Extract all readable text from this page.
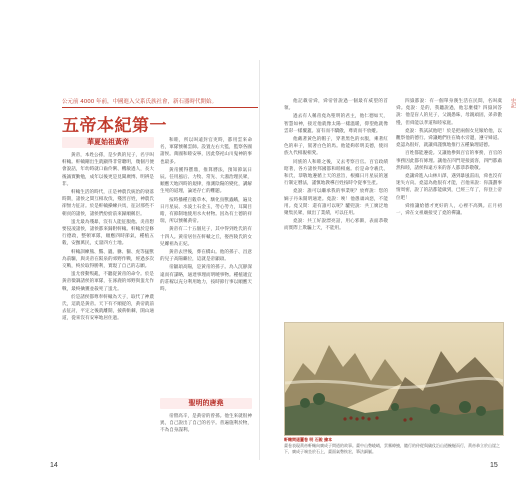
公元前 4000 年前，中國進入父系氏族社會，新石器時代開始。
五帝本紀第一
華夏始祖黃帝

黃帝，本姓公孫，是少典的兒子，名字叫軒轅。軒轅剛出生就顯得非常聰明，幾個月便會說話，年幼時就口齒伶俐、機敏過人，長大後誠實勤勉，成年以後更是見聞廣博、明辨是非。

軒轅生活的時代，正是神農氏統治的衰落時期，諸侯之間互相攻伐，殘害百姓，神農氏卻無力征討。於是軒轅操練兵馬，征討那些不朝貢的諸侯，諸侯們紛紛前來歸順稱臣。

蚩尤最為殘暴，沒有人能征服他。炎帝想要侵凌諸侯，諸侯都來歸附軒轅。軒轅於是修行德政，整頓軍隊，順應四時節氣，種植五穀，安撫萬民，丈量四方土地。

軒轅訓練熊、羆、貔、貅、貙、虎等猛獸為前驅，與炎帝在阪泉的郊野作戰，經過多次交戰，終於取得勝利，實現了自己的志願。

蚩尤發動叛亂，不聽從黃帝的命令。於是黃帝徵調諸侯的軍隊，在涿鹿的郊野與蚩尤作戰，最終擒獲並殺死了蚩尤。

於是諸侯都尊奉軒轅為天子，取代了神農氏，這就是黃帝。天下有不順從的，黃帝就前去征討，平定之後就離開，披荊斬棘，開山通道，從來沒有安寧地居住過。

和睦，所以叫遠封官吏時，都用雲來命名，軍隊號稱雲師。設置左右大監，監察各國諸侯。萬國和睦安寧，因此祭祀山川鬼神的事也最多。

黃帝獲得寶鼎，推算曆法，預知節氣日辰。任用風后、力牧、常先、大鴻治理民眾，順應天地四時的規律，推測陰陽的變化，講解生死的道理，論述存亡的難題。

按時播種百穀草木，馴化鳥獸蟲蛾，遍及日月星辰、水波土石金玉，勞心勞力，耳聞目睹，有節制地使用水火材物。因為有土德的祥瑞，所以號稱黃帝。

黃帝有二十五個兒子，其中得到姓氏的有十四人。黃帝居住在軒轅之丘，娶西陵氏的女兒嫘祖為正妃。

黃帝去世後，葬在橋山。他的孫子、昌意的兒子高陽繼位，這就是帝顓頊。

帝顓頊高陽，是黃帝的孫子。為人沉靜深遠而有謀略，通達事理而明曉事物。種植適宜的莊稼以充分利用地力，按時節行事以順應天時。

聖明的唐堯

帝嚳高辛，是黃帝的曾孫。他生來就很神異，自己說出了自己的名字。普遍施利於物，不為自身謀利。

14

他記載帝舜，舜帝曾說過一個最有威望的首領。

過去有人稱帝堯為聖明的君主，他仁德如天，智慧如神，接近他就像太陽一樣溫暖，仰望他就像雲彩一樣覆蓋。富有而不驕傲，尊貴而不放縱。

他戴著黃色的帽子，穿著黑色的衣服，乘著紅色的車子，駕著白色的馬。他能夠彰明美德，使同族九代相親相愛。

同族的人和睦之後，又去考察百官。百官政績昭著，各方諸侯邦國都和睦相處。於是命令羲氏、和氏，恭敬地遵循上天的意旨，根據日月星辰的運行制定曆法，謹慎地教導百姓按時令從事生產。

堯說：誰可以繼承我的事業呢？放齊說：您的嫡子丹朱開明通達。堯說：唉！他愚頑凶惡，不能用。堯又問：還有誰可以呢？驩兜說：共工廣泛地聚集民眾，做出了業績，可以任用。

堯說：共工好說漂亮話，用心邪僻，表面恭敬而實際上欺騙上天，不能用。

四嶽都說：有一個單身漢生活在民間，名叫虞舜。堯說：是的，我聽說過，他怎麼樣？四嶽回答說：他是盲人的兒子，父親愚昧，母親頑固，弟弟傲慢，但舜能以孝道和睦家庭。

堯說：我試試他吧！於是把兩個女兒嫁給他，以觀察他的德行。舜讓她們住在媯水旁邊，遵守婦道。堯認為很好，就讓舜謹慎地推行五種倫理道德。

百姓都能遵從。又讓他參與百官的事務，百官的事務因此都有條理。讓他在四門迎接賓客，四門都肅然和睦，諸侯和遠方來的客人都恭恭敬敬。

堯讓舜進入山林川澤，遇到暴風雷雨，舜也沒有迷失方向。堯認為他很有才能，召他來說：你謀劃事情周密，說了的話都能做到，已經三年了，你登上帝位吧！

舜推讓給德才更好的人，心裡不高興。正月初一，舜在文祖廟接受了堯的禪讓。

15
史記
軒轅問道圖卷 明 石銳 繪本
畫卷表現黃帝軒轅向廣成子問道的故事。畫中山勢峻峭，雲霧繚繞，隨行的侍從與儀仗沿山道蜿蜒而行，黃帝恭立於山崖之下，廣成子端坐於石上，畫面氣勢恢宏，筆法細膩。
